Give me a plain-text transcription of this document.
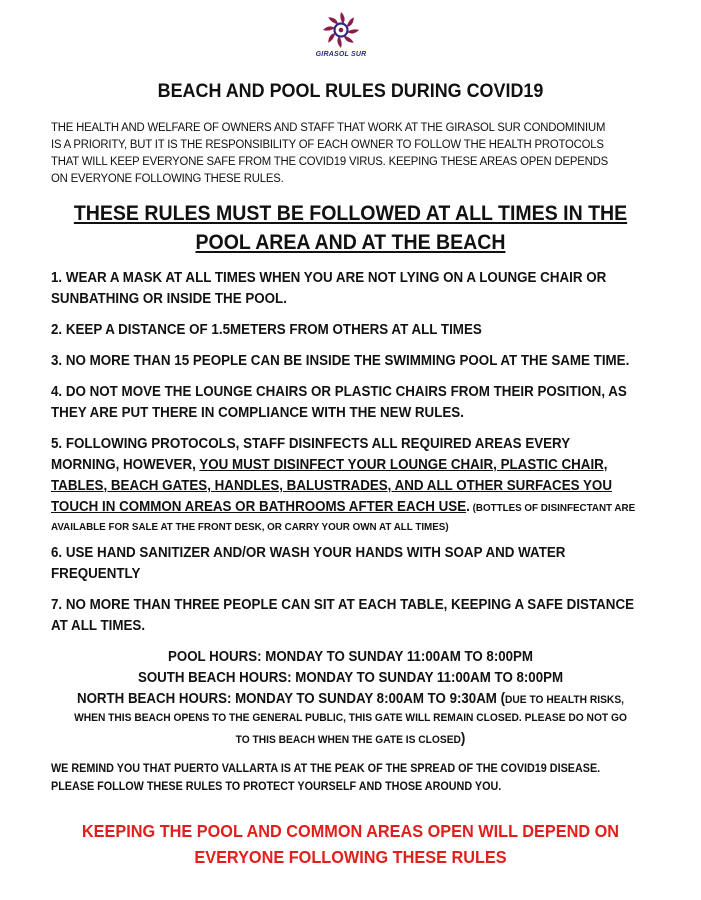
GIRASOL SUR
BEACH AND POOL RULES DURING COVID19
THE HEALTH AND WELFARE OF OWNERS AND STAFF THAT WORK AT THE GIRASOL SUR CONDOMINIUM
IS A PRIORITY, BUT IT IS THE RESPONSIBILITY OF EACH OWNER TO FOLLOW THE HEALTH PROTOCOLS
THAT WILL KEEP EVERYONE SAFE FROM THE COVID19 VIRUS. KEEPING THESE AREAS OPEN DEPENDS
ON EVERYONE FOLLOWING THESE RULES.
THESE RULES MUST BE FOLLOWED AT ALL TIMES IN THE
POOL AREA AND AT THE BEACH
1. WEAR A MASK AT ALL TIMES WHEN YOU ARE NOT LYING ON A LOUNGE CHAIR OR
SUNBATHING OR INSIDE THE POOL.
2. KEEP A DISTANCE OF 1.5METERS FROM OTHERS AT ALL TIMES
3. NO MORE THAN 15 PEOPLE CAN BE INSIDE THE SWIMMING POOL AT THE SAME TIME.
4. DO NOT MOVE THE LOUNGE CHAIRS OR PLASTIC CHAIRS FROM THEIR POSITION, AS
THEY ARE PUT THERE IN COMPLIANCE WITH THE NEW RULES.
5. FOLLOWING PROTOCOLS, STAFF DISINFECTS ALL REQUIRED AREAS EVERY
MORNING, HOWEVER, YOU MUST DISINFECT YOUR LOUNGE CHAIR, PLASTIC CHAIR,
TABLES, BEACH GATES, HANDLES, BALUSTRADES, AND ALL OTHER SURFACES YOU
TOUCH IN COMMON AREAS OR BATHROOMS AFTER EACH USE. (BOTTLES OF DISINFECTANT ARE
AVAILABLE FOR SALE AT THE FRONT DESK, OR CARRY YOUR OWN AT ALL TIMES)
6. USE HAND SANITIZER AND/OR WASH YOUR HANDS WITH SOAP AND WATER
FREQUENTLY
7. NO MORE THAN THREE PEOPLE CAN SIT AT EACH TABLE, KEEPING A SAFE DISTANCE
AT ALL TIMES.
POOL HOURS: MONDAY TO SUNDAY 11:00AM TO 8:00PM
SOUTH BEACH HOURS: MONDAY TO SUNDAY 11:00AM TO 8:00PM
NORTH BEACH HOURS: MONDAY TO SUNDAY 8:00AM TO 9:30AM (DUE TO HEALTH RISKS,
WHEN THIS BEACH OPENS TO THE GENERAL PUBLIC, THIS GATE WILL REMAIN CLOSED. PLEASE DO NOT GO
TO THIS BEACH WHEN THE GATE IS CLOSED)
WE REMIND YOU THAT PUERTO VALLARTA IS AT THE PEAK OF THE SPREAD OF THE COVID19 DISEASE.
PLEASE FOLLOW THESE RULES TO PROTECT YOURSELF AND THOSE AROUND YOU.
KEEPING THE POOL AND COMMON AREAS OPEN WILL DEPEND ON
EVERYONE FOLLOWING THESE RULES
